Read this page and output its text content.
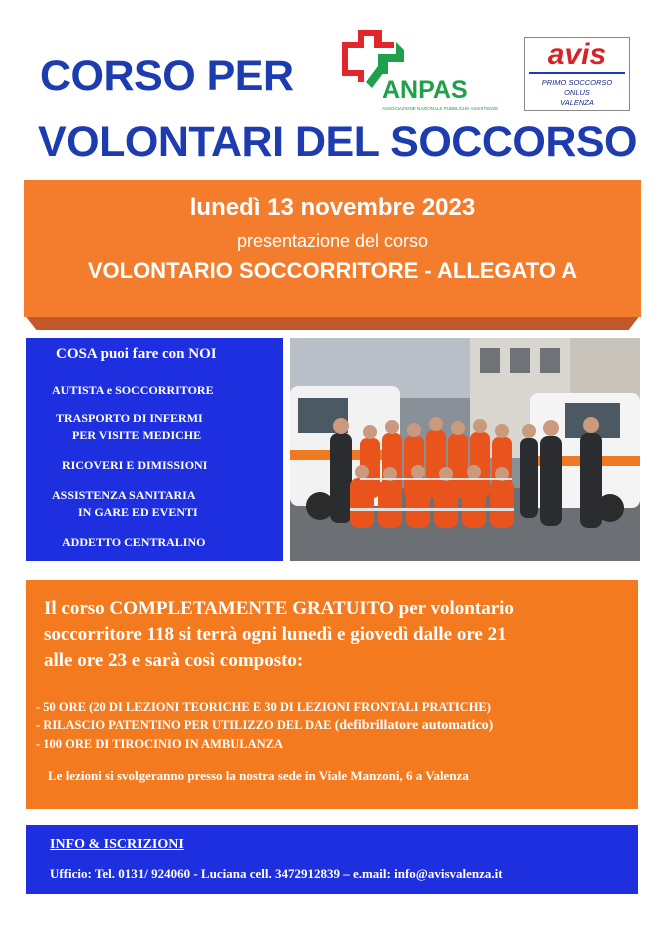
CORSO PER
VOLONTARI DEL SOCCORSO
ANPAS
ASSOCIAZIONE NAZIONALE PUBBLICHE ASSISTENZE
avis
PRIMO SOCCORSO
ONLUS
VALENZA
lunedì 13 novembre 2023
presentazione del corso
VOLONTARIO SOCCORRITORE - ALLEGATO A
COSA puoi fare con NOI
AUTISTA e SOCCORRITORE
TRASPORTO DI INFERMI
PER VISITE MEDICHE
RICOVERI E DIMISSIONI
ASSISTENZA SANITARIA
IN GARE ED EVENTI
ADDETTO CENTRALINO
Il corso COMPLETAMENTE GRATUITO per volontario
soccorritore 118 si terrà ogni lunedì e giovedì dalle ore 21
alle ore 23 e sarà così composto:
- 50 ORE (20 DI LEZIONI TEORICHE E 30 DI LEZIONI FRONTALI PRATICHE)
- RILASCIO PATENTINO PER UTILIZZO DEL DAE (defibrillatore automatico)
- 100 ORE DI TIROCINIO IN AMBULANZA
Le lezioni si svolgeranno presso la nostra sede in Viale Manzoni, 6 a Valenza
INFO & ISCRIZIONI
Ufficio: Tel. 0131/ 924060 - Luciana cell. 3472912839 – e.mail: info@avisvalenza.it
